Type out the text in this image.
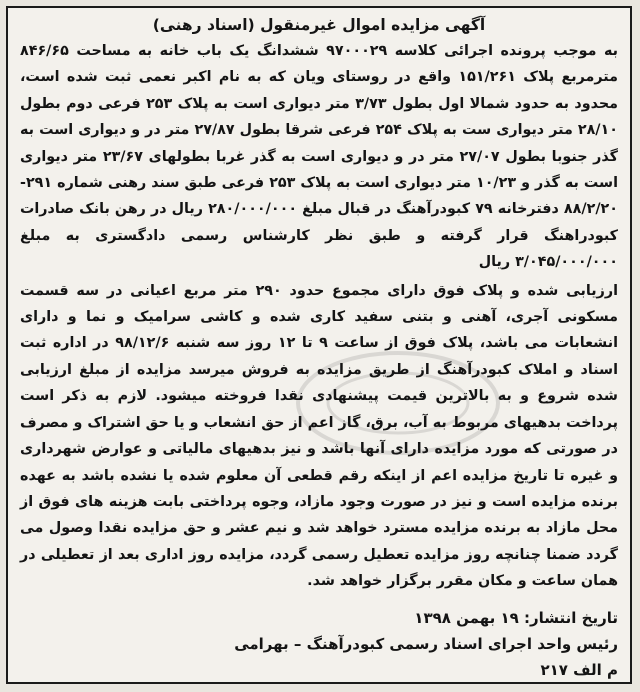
آگهی مزایده اموال غیرمنقول (اسناد رهنی)

به موجب پرونده اجرائی کلاسه ۹۷۰۰۰۲۹ ششدانگ یک باب خانه به مساحت ۸۴۶/۶۵ مترمربع پلاک ۱۵۱/۲۶۱ واقع در روستای ویان که به نام اکبر نعمی ثبت شده است، محدود به حدود شمالا اول بطول ۳/۷۳ متر دیواری است به پلاک ۲۵۳ فرعی دوم بطول ۲۸/۱۰ متر دیواری ست به پلاک ۲۵۴ فرعی شرقا بطول ۲۷/۸۷ متر در و دیواری است به گذر جنوبا بطول ۲۷/۰۷ متر در و دیواری است به گذر غربا بطولهای ۲۳/۶۷ متر دیواری است به گذر و ۱۰/۲۳ متر دیواری است به پلاک ۲۵۳ فرعی طبق سند رهنی شماره ۲۹۱- ۸۸/۲/۲۰ دفترخانه ۷۹ کبودرآهنگ در قبال مبلغ ۲۸۰/۰۰۰/۰۰۰ ریال در رهن بانک صادرات کبودراهنگ قرار گرفته و طبق نظر کارشناس رسمی دادگستری به مبلغ ۳/۰۴۵/۰۰۰/۰۰۰ ریال

ارزیابی شده و پلاک فوق دارای مجموع حدود ۲۹۰ متر مربع اعیانی در سه قسمت مسکونی آجری، آهنی و بتنی سفید کاری شده و کاشی سرامیک و نما و دارای انشعابات می باشد، پلاک فوق از ساعت ۹ تا ۱۲ روز سه شنبه ۹۸/۱۲/۶ در اداره ثبت اسناد و املاک کبودرآهنگ از طریق مزایده به فروش میرسد مزایده از مبلغ ارزیابی شده شروع و به بالاترین قیمت پیشنهادی نقدا فروخته میشود. لازم به ذکر است پرداخت بدهیهای مربوط به آب، برق، گاز اعم از حق انشعاب و یا حق اشتراک و مصرف در صورتی که مورد مزایده دارای آنها باشد و نیز بدهیهای مالیاتی و عوارض شهرداری و غیره تا تاریخ مزایده اعم از اینکه رقم قطعی آن معلوم شده یا نشده باشد به عهده برنده مزایده است و نیز در صورت وجود مازاد، وجوه پرداختی بابت هزینه های فوق از محل مازاد به برنده مزایده مسترد خواهد شد و نیم عشر و حق مزایده نقدا وصول می گردد ضمنا چنانچه روز مزایده تعطیل رسمی گردد، مزایده روز اداری بعد از تعطیلی در همان ساعت و مکان مقرر برگزار خواهد شد.

تاریخ انتشار: ۱۹ بهمن ۱۳۹۸
رئیس واحد اجرای اسناد رسمی کبودرآهنگ – بهرامی
م الف ۲۱۷
